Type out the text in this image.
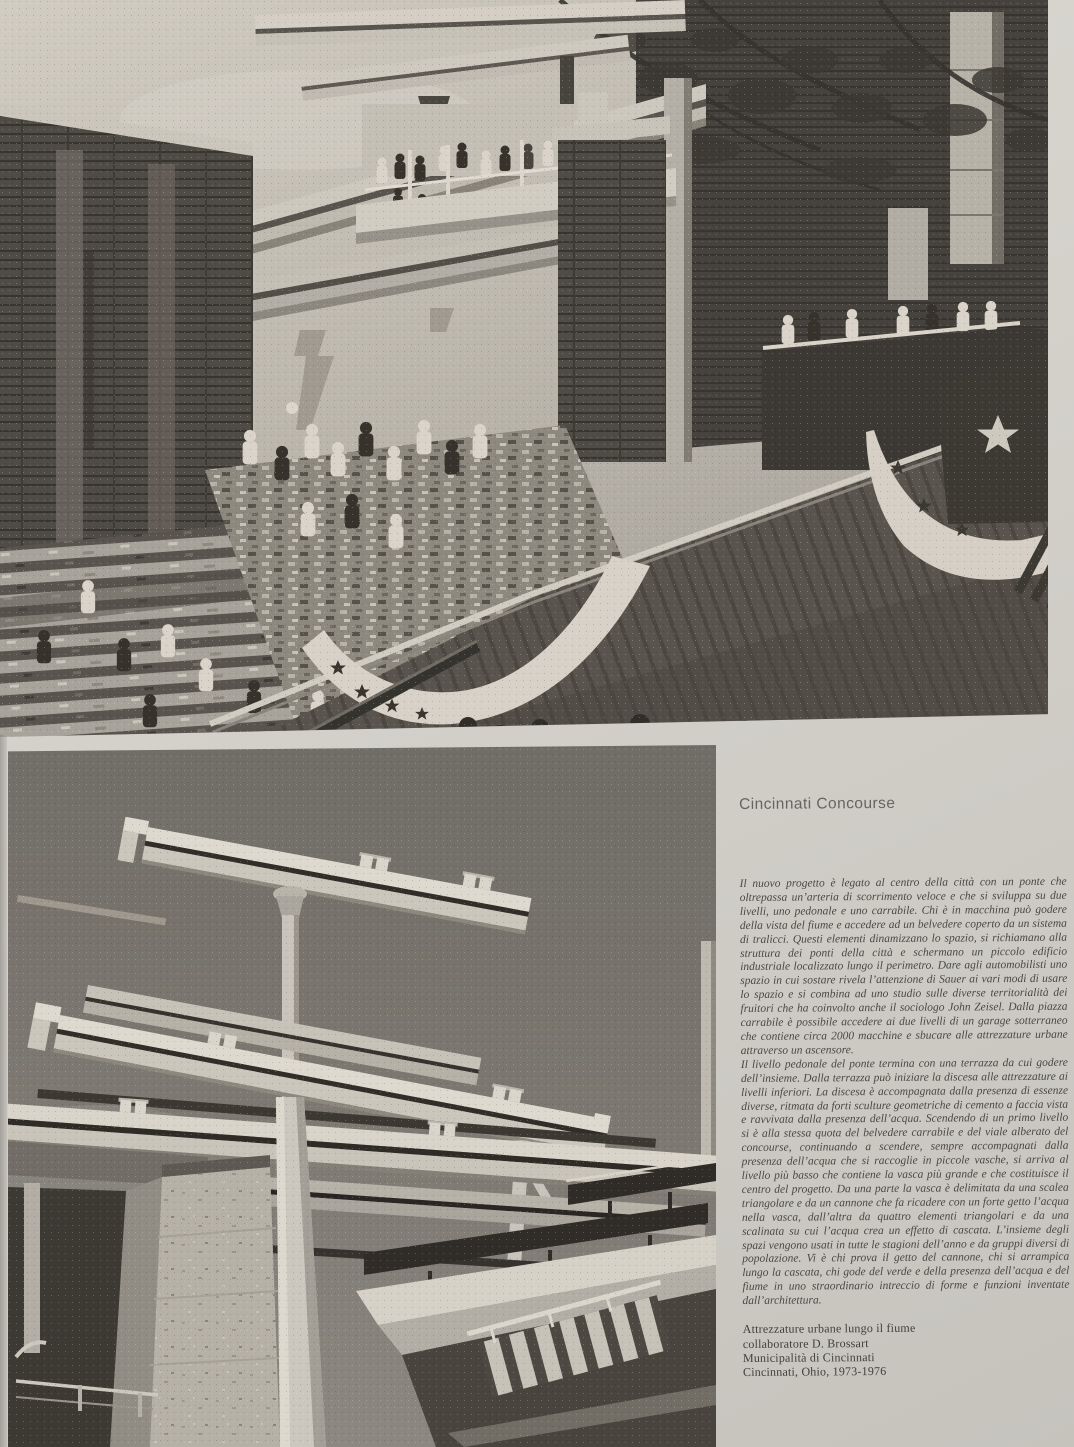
Cincinnati Concourse

Il nuovo progetto è legato al centro della città con un ponte che oltrepassa un’arteria di scorrimento veloce e che si sviluppa su due livelli, uno pedonale e uno carrabile. Chi è in macchina può godere della vista del fiume e accedere ad un belvedere coperto da un sistema di tralicci. Questi elementi dinamizzano lo spazio, si richiamano alla struttura dei ponti della città e schermano un piccolo edificio industriale localizzato lungo il perimetro. Dare agli automobilisti uno spazio in cui sostare rivela l’attenzione di Sauer ai vari modi di usare lo spazio e si combina ad uno studio sulle diverse territorialità dei fruitori che ha coinvolto anche il sociologo John Zeisel. Dalla piazza carrabile è possibile accedere ai due livelli di un garage sotterraneo che contiene circa 2000 macchine e sbucare alle attrezzature urbane attraverso un ascensore.

Il livello pedonale del ponte termina con una terrazza da cui godere dell’insieme. Dalla terrazza può iniziare la discesa alle attrezzature ai livelli inferiori. La discesa è accompagnata dalla presenza di essenze diverse, ritmata da forti sculture geometriche di cemento a faccia vista e ravvivata dalla presenza dell’acqua. Scendendo di un primo livello si è alla stessa quota del belvedere carrabile e del viale alberato del concourse, continuando a scendere, sempre accompagnati dalla presenza dell’acqua che si raccoglie in piccole vasche, si arriva al livello più basso che contiene la vasca più grande e che costituisce il centro del progetto. Da una parte la vasca è delimitata da una scalea triangolare e da un cannone che fa ricadere con un forte getto l’acqua nella vasca, dall’altra da quattro elementi triangolari e da una scalinata su cui l’acqua crea un effetto di cascata. L’insieme degli spazi vengono usati in tutte le stagioni dell’anno e da gruppi diversi di popolazione. Vi è chi prova il getto del cannone, chi si arrampica lungo la cascata, chi gode del verde e della presenza dell’acqua e del fiume in uno straordinario intreccio di forme e funzioni inventate dall’architettura.

Attrezzature urbane lungo il fiume
collaboratore D. Brossart
Municipalità di Cincinnati
Cincinnati, Ohio, 1973-1976
